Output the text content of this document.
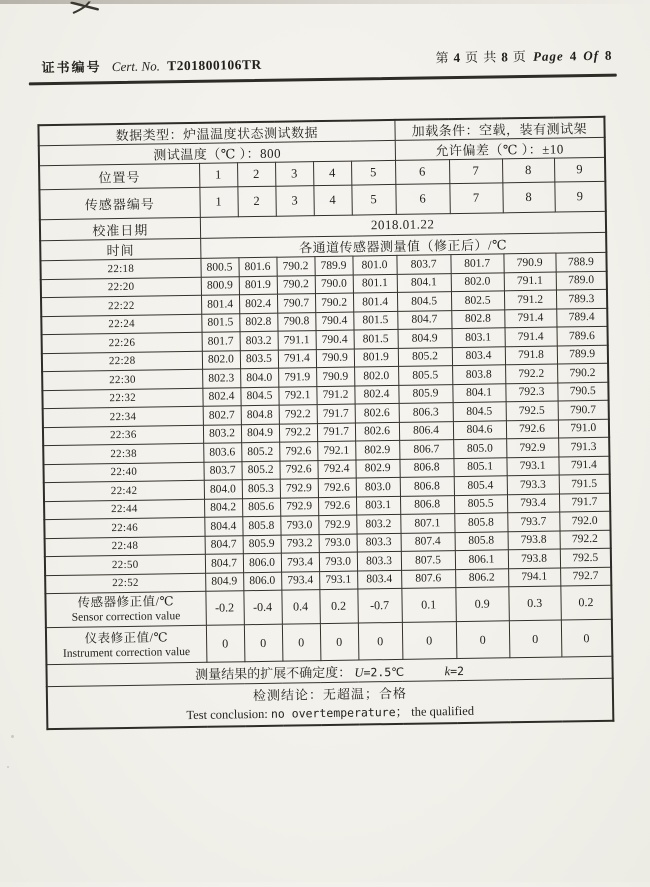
证书编号 Cert. No. T201800106TR	第 4 页 共 8 页 Page 4 Of 8
数据类型：炉温温度状态测试数据						加载条件：空载，装有测试架			
测试温度（℃ ）：800						允许偏差（℃ ）：±10			
位置号	1	2	3	4	5	6	7	8	9
传感器编号	1	2	3	4	5	6	7	8	9
校准日期	2018.01.22								
时间	各通道传感器测量值（修正后）/℃								
22:18	800.5	801.6	790.2	789.9	801.0	803.7	801.7	790.9	788.9
22:20	800.9	801.9	790.2	790.0	801.1	804.1	802.0	791.1	789.0
22:22	801.4	802.4	790.7	790.2	801.4	804.5	802.5	791.2	789.3
22:24	801.5	802.8	790.8	790.4	801.5	804.7	802.8	791.4	789.4
22:26	801.7	803.2	791.1	790.4	801.5	804.9	803.1	791.4	789.6
22:28	802.0	803.5	791.4	790.9	801.9	805.2	803.4	791.8	789.9
22:30	802.3	804.0	791.9	790.9	802.0	805.5	803.8	792.2	790.2
22:32	802.4	804.5	792.1	791.2	802.4	805.9	804.1	792.3	790.5
22:34	802.7	804.8	792.2	791.7	802.6	806.3	804.5	792.5	790.7
22:36	803.2	804.9	792.2	791.7	802.6	806.4	804.6	792.6	791.0
22:38	803.6	805.2	792.6	792.1	802.9	806.7	805.0	792.9	791.3
22:40	803.7	805.2	792.6	792.4	802.9	806.8	805.1	793.1	791.4
22:42	804.0	805.3	792.9	792.6	803.0	806.8	805.4	793.3	791.5
22:44	804.2	805.6	792.9	792.6	803.1	806.8	805.5	793.4	791.7
22:46	804.4	805.8	793.0	792.9	803.2	807.1	805.8	793.7	792.0
22:48	804.7	805.9	793.2	793.0	803.3	807.4	805.8	793.8	792.2
22:50	804.7	806.0	793.4	793.0	803.3	807.5	806.1	793.8	792.5
22:52	804.9	806.0	793.4	793.1	803.4	807.6	806.2	794.1	792.7

传感器修正值/℃
Sensor correction value	-0.2	-0.4	0.4	0.2	-0.7	0.1	0.9	0.3	0.2

仪表修正值/℃
Instrument correction value	0	0	0	0	0	0	0	0	0
测量结果的扩展不确定度： U=2.5℃ k=2									

检测结论：无超温；合格
Test conclusion: no overtemperature； the qualified									
